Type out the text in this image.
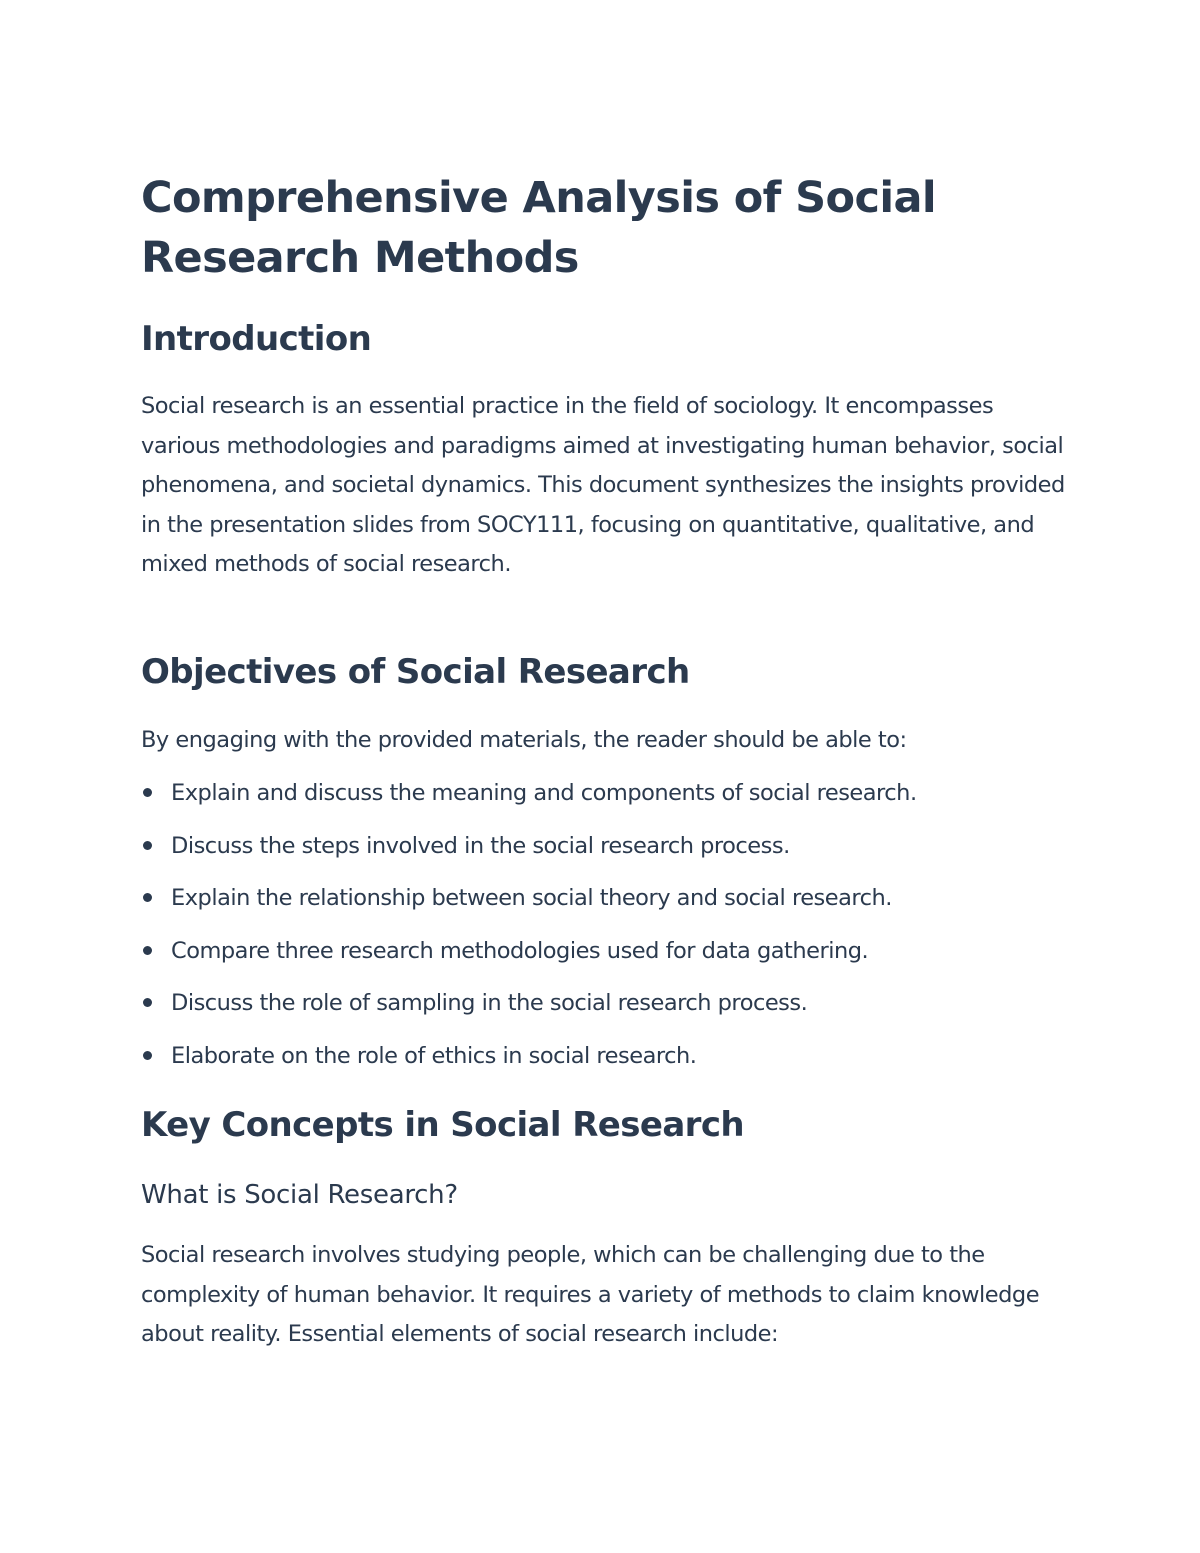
Comprehensive Analysis of Social Research Methods
Introduction

Social research is an essential practice in the field of sociology. It encompasses various methodologies and paradigms aimed at investigating human behavior, social phenomena, and societal dynamics. This document synthesizes the insights provided in the presentation slides from SOCY111, focusing on quantitative, qualitative, and mixed methods of social research.

Objectives of Social Research

By engaging with the provided materials, the reader should be able to:

Explain and discuss the meaning and components of social research.
Discuss the steps involved in the social research process.
Explain the relationship between social theory and social research.
Compare three research methodologies used for data gathering.
Discuss the role of sampling in the social research process.
Elaborate on the role of ethics in social research.
Key Concepts in Social Research
What is Social Research?

Social research involves studying people, which can be challenging due to the complexity of human behavior. It requires a variety of methods to claim knowledge about reality. Essential elements of social research include:
